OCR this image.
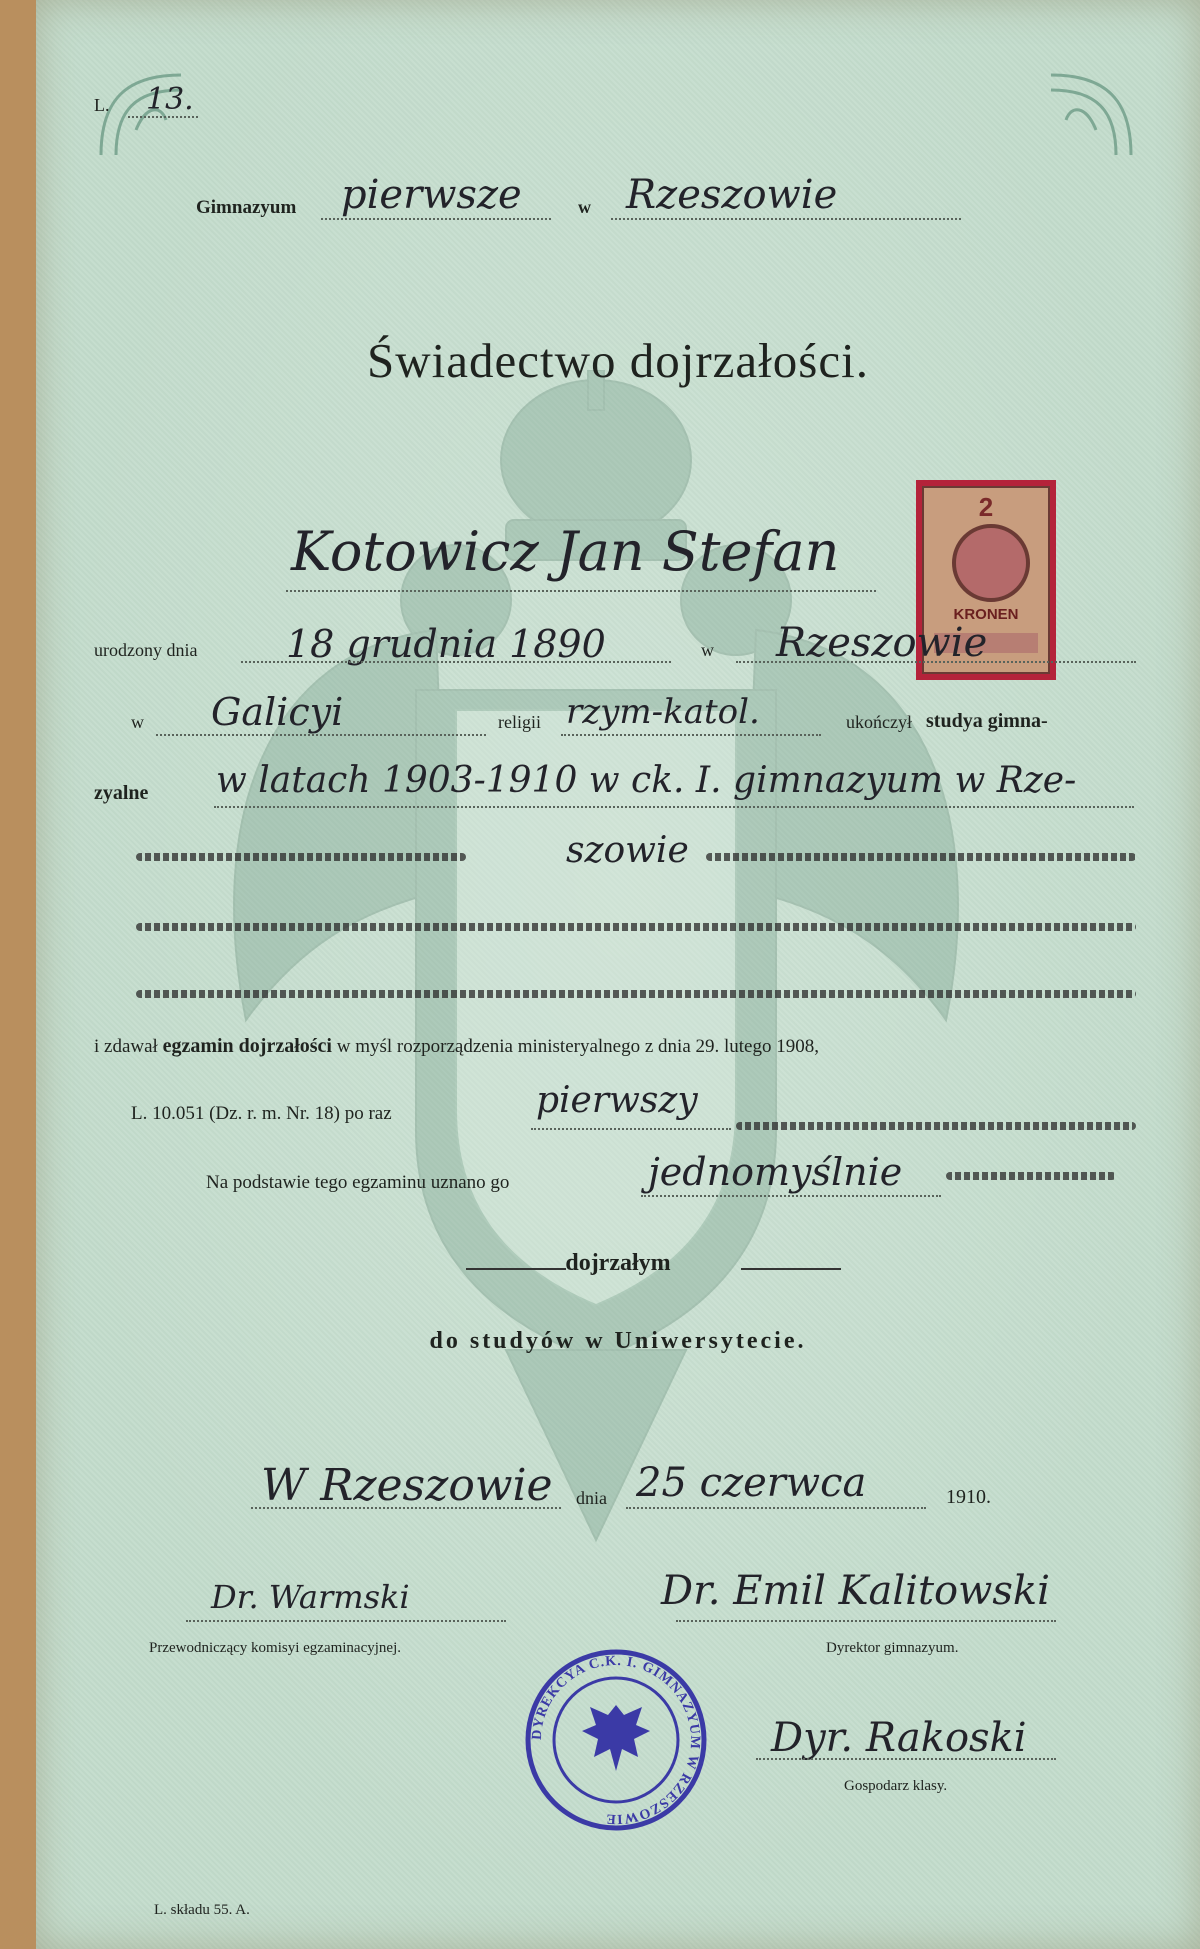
L. 13.
Gimnazyum pierwsze	w Rzeszowie
Świadectwo dojrzałości.
2
KRONEN
Kotowicz Jan Stefan
urodzony dnia 18 grudnia 1890	w Rzeszowie
w Galicyi	religii rzym-katol.	ukończył studya gimna-
zyalne w latach 1903-1910 w ck. I. gimnazyum w Rze-
szowie
i zdawał egzamin dojrzałości w myśl rozporządzenia ministeryalnego z dnia 29. lutego 1908,
L. 10.051 (Dz. r. m. Nr. 18) po raz	pierwszy
Na podstawie tego egzaminu uznano go	jednomyślnie
dojrzałym
do studyów w Uniwersytecie.
W Rzeszowie dnia 25 czerwca	1910.
Dr. Warmski
Przewodniczący komisyi egzaminacyjnej.
Dr. Emil Kalitowski
Dyrektor gimnazyum.
Dyr. Rakoski
Gospodarz klasy.
DYREKCYA C.K. I. GIMNAZYUM W RZESZOWIE
L. składu 55. A.
